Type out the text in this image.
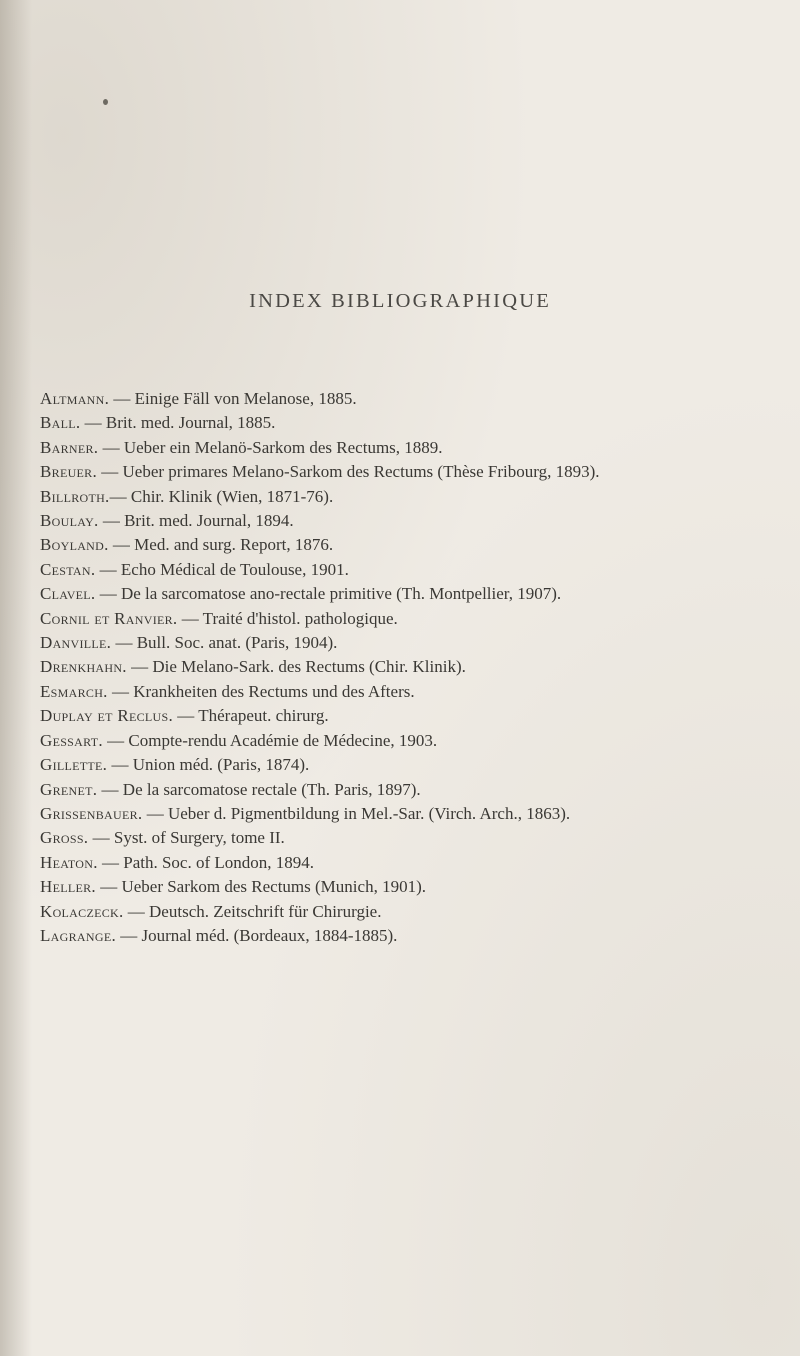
INDEX BIBLIOGRAPHIQUE

Altmann. — Einige Fäll von Melanose, 1885.

Ball. — Brit. med. Journal, 1885.

Barner. — Ueber ein Melanö-Sarkom des Rectums, 1889.

Breuer. — Ueber primares Melano-Sarkom des Rectums (Thèse Fribourg, 1893).

Billroth.— Chir. Klinik (Wien, 1871-76).

Boulay. — Brit. med. Journal, 1894.

Boyland. — Med. and surg. Report, 1876.

Cestan. — Echo Médical de Toulouse, 1901.

Clavel. — De la sarcomatose ano-rectale primitive (Th. Montpellier, 1907).

Cornil et Ranvier. — Traité d'histol. pathologique.

Danville. — Bull. Soc. anat. (Paris, 1904).

Drenkhahn. — Die Melano-Sark. des Rectums (Chir. Klinik).

Esmarch. — Krankheiten des Rectums und des Afters.

Duplay et Reclus. — Thérapeut. chirurg.

Gessart. — Compte-rendu Académie de Médecine, 1903.

Gillette. — Union méd. (Paris, 1874).

Grenet. — De la sarcomatose rectale (Th. Paris, 1897).

Grissenbauer. — Ueber d. Pigmentbildung in Mel.-Sar. (Virch. Arch., 1863).

Gross. — Syst. of Surgery, tome II.

Heaton. — Path. Soc. of London, 1894.

Heller. — Ueber Sarkom des Rectums (Munich, 1901).

Kolaczeck. — Deutsch. Zeitschrift für Chirurgie.

Lagrange. — Journal méd. (Bordeaux, 1884-1885).
